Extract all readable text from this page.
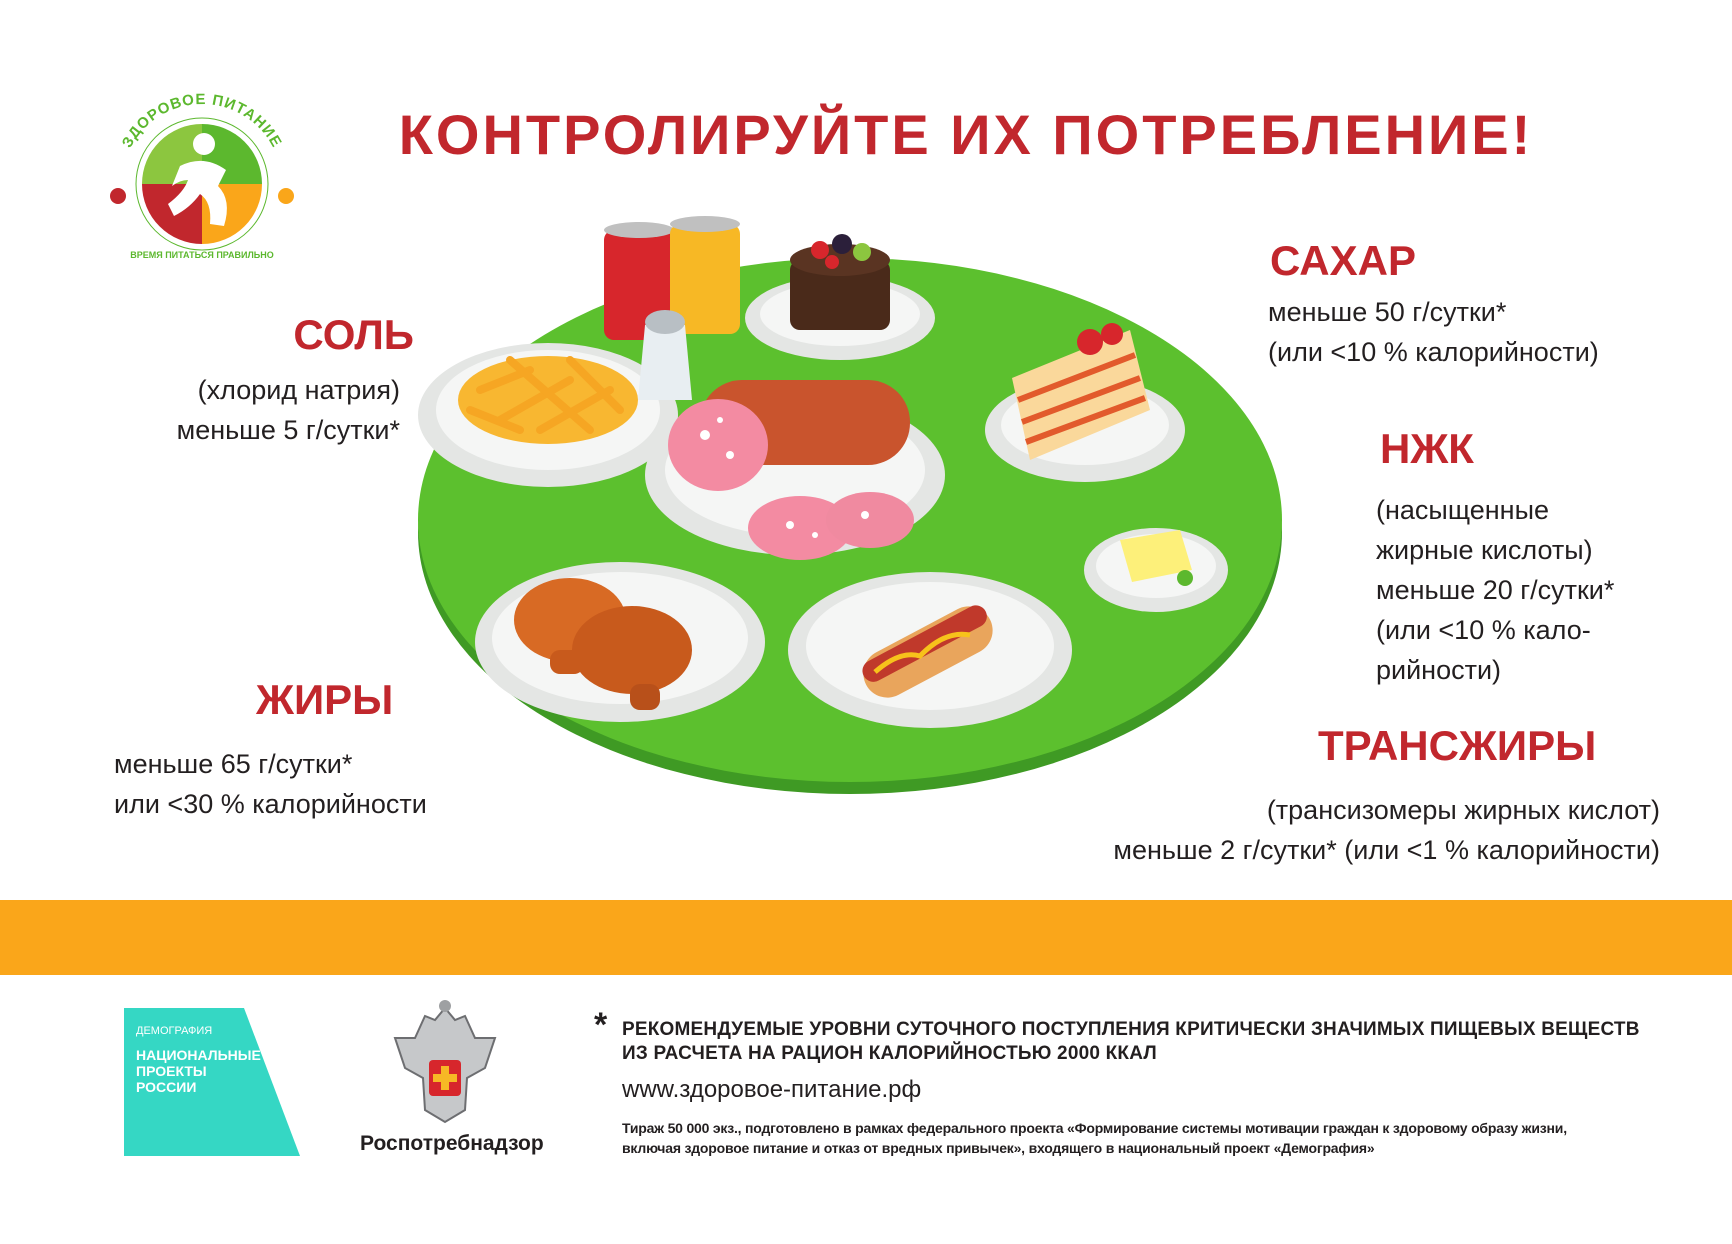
ЗДОРОВОЕ ПИТАНИЕ
ВРЕМЯ ПИТАТЬСЯ ПРАВИЛЬНО
КОНТРОЛИРУЙТЕ ИХ ПОТРЕБЛЕНИЕ!
СОЛЬ
(хлорид натрия)
меньше 5 г/сутки*
ЖИРЫ
меньше 65 г/сутки*
или <30 % калорийности
САХАР
меньше 50 г/сутки*
(или <10 % калорийности)
НЖК
(насыщенные
жирные кислоты)
меньше 20 г/сутки*
(или <10 % кало-
рийности)
ТРАНСЖИРЫ
(трансизомеры жирных кислот)
меньше 2 г/сутки* (или <1 % калорийности)
ДЕМОГРАФИЯ
НАЦИОНАЛЬНЫЕ
ПРОЕКТЫ
РОССИИ
Роспотребнадзор
* РЕКОМЕНДУЕМЫЕ УРОВНИ СУТОЧНОГО ПОСТУПЛЕНИЯ КРИТИЧЕСКИ ЗНАЧИМЫХ ПИЩЕВЫХ ВЕЩЕСТВ
ИЗ РАСЧЕТА НА РАЦИОН КАЛОРИЙНОСТЬЮ 2000 ККАЛ
www.здоровое-питание.рф
Тираж 50 000 экз., подготовлено в рамках федерального проекта «Формирование системы мотивации граждан к здоровому образу жизни,
включая здоровое питание и отказ от вредных привычек», входящего в национальный проект «Демография»
